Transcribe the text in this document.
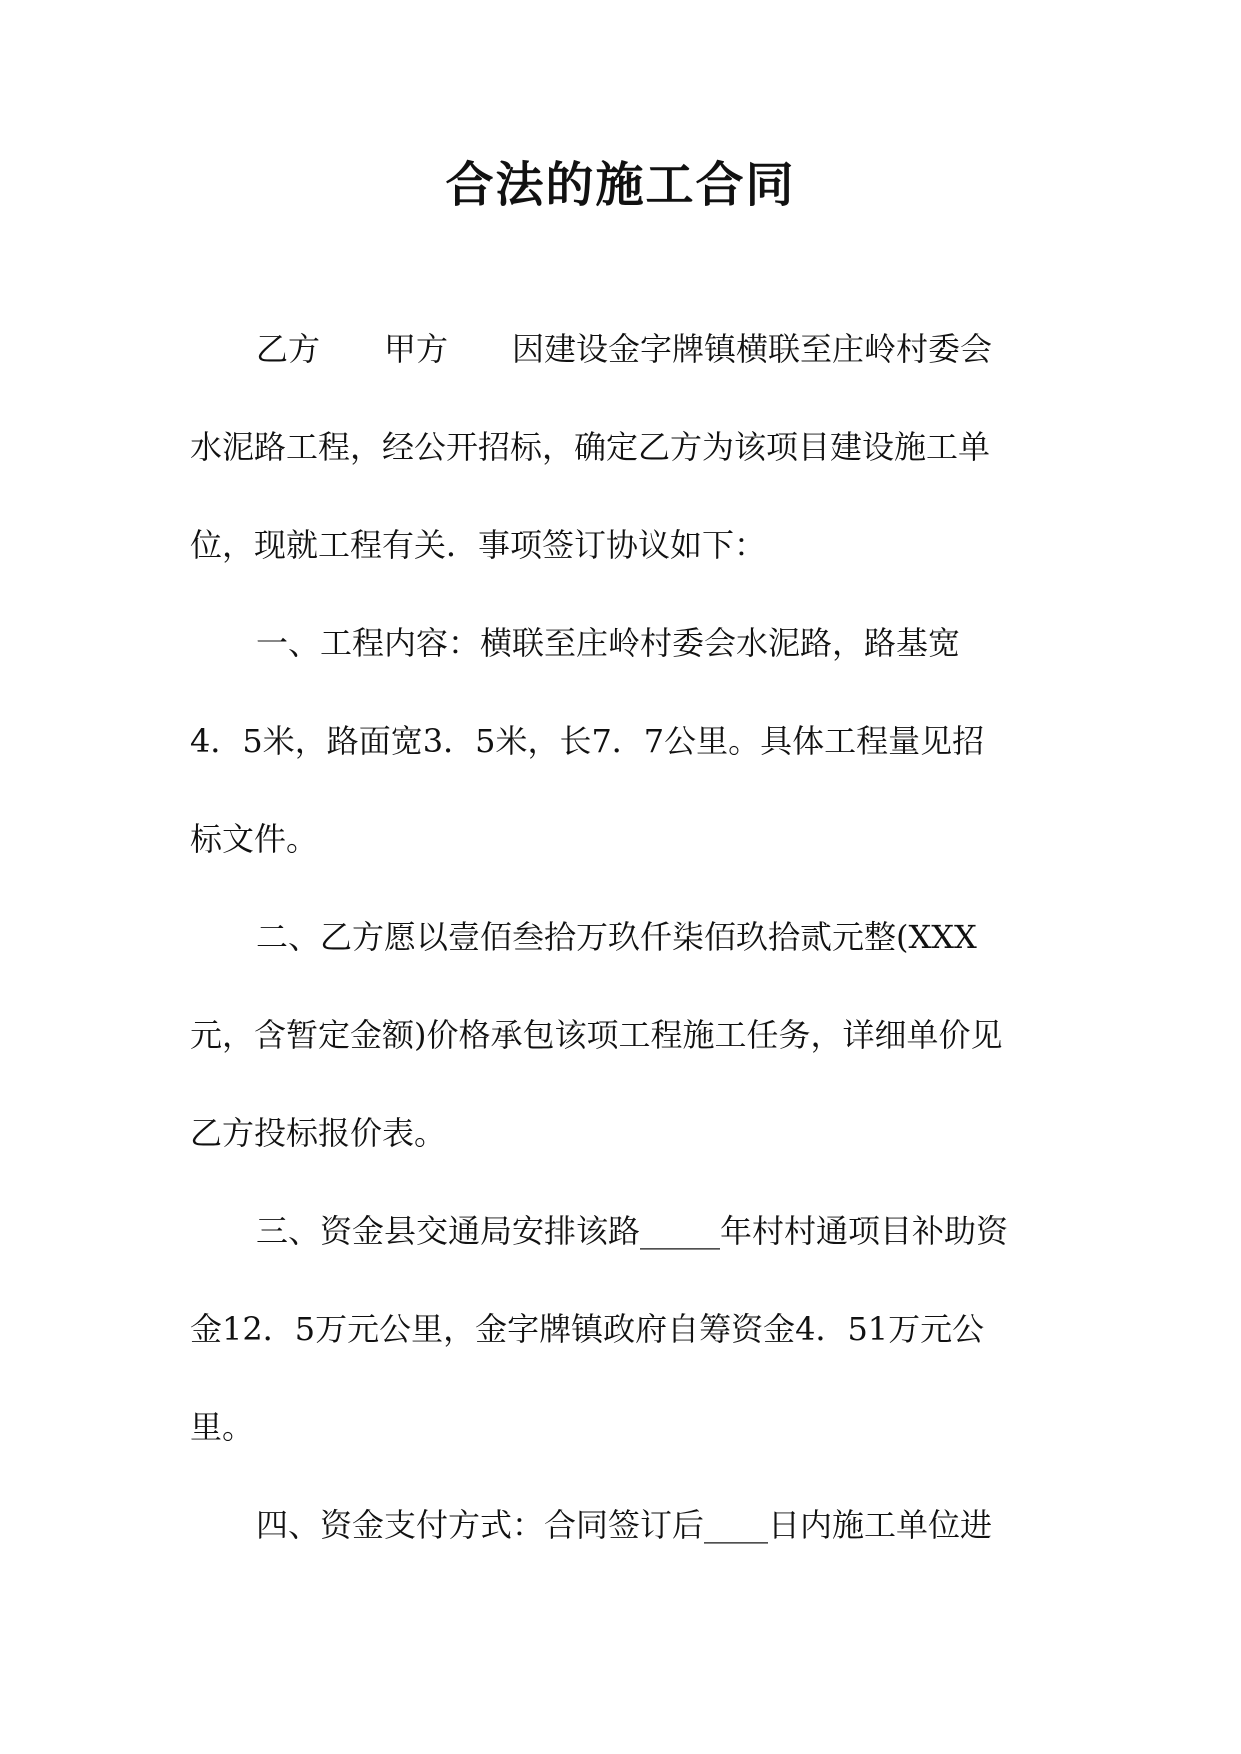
合法的施工合同
乙方　　甲方　　因建设金字牌镇横联至庄岭村委会
水泥路工程，经公开招标，确定乙方为该项目建设施工单
位，现就工程有关．事项签订协议如下：
一、工程内容：横联至庄岭村委会水泥路，路基宽
4．5米，路面宽3．5米，长7．7公里。具体工程量见招
标文件。
二、乙方愿以壹佰叁拾万玖仟柒佰玖拾贰元整(XXX
元，含暂定金额)价格承包该项工程施工任务，详细单价见
乙方投标报价表。
三、资金县交通局安排该路_____年村村通项目补助资
金12．5万元公里，金字牌镇政府自筹资金4．51万元公
里。
四、资金支付方式：合同签订后____日内施工单位进
